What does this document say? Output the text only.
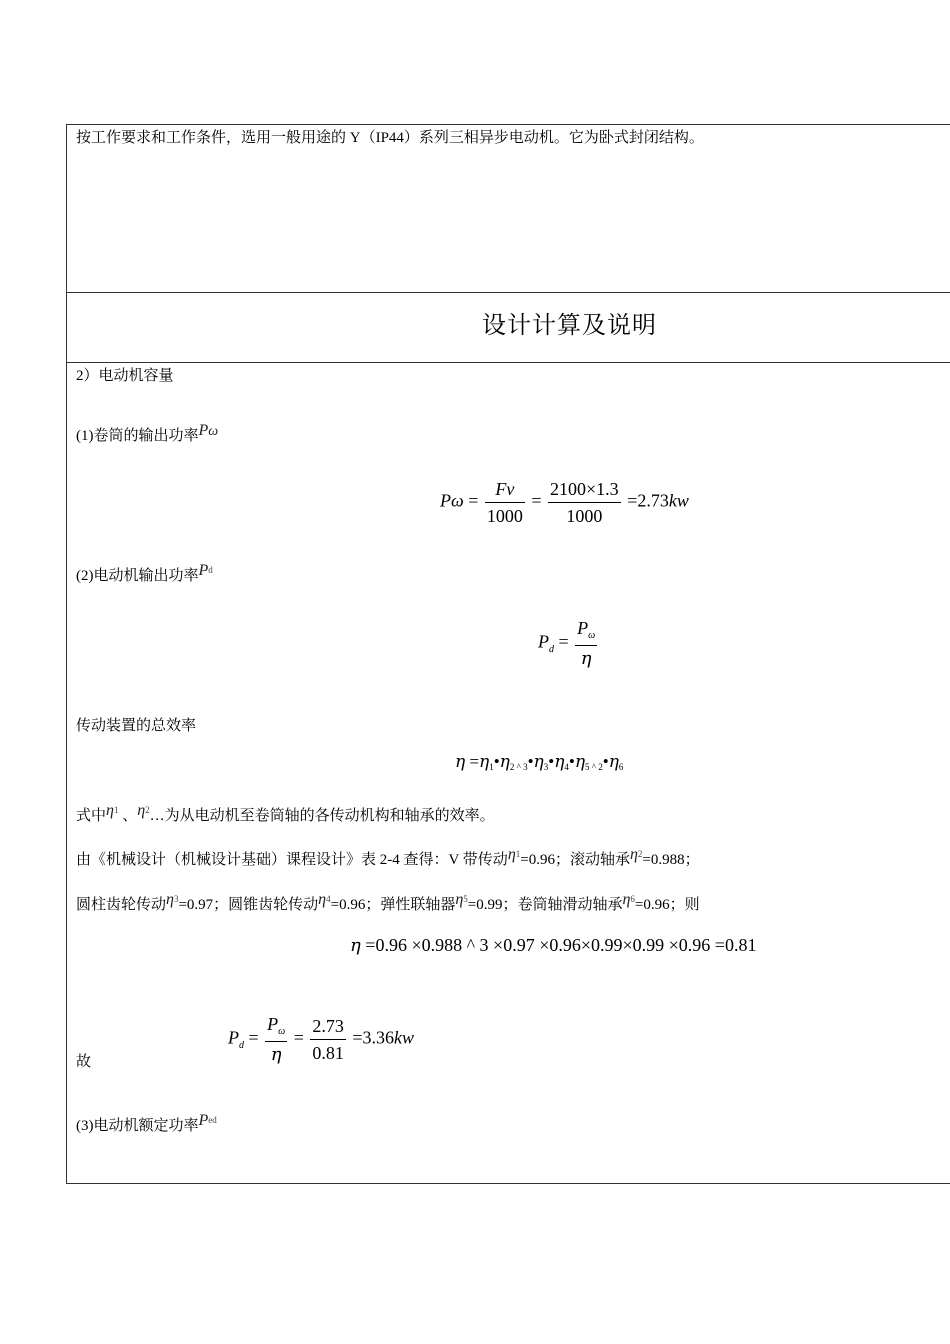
按工作要求和工作条件，选用一般用途的 Y（IP44）系列三相异步电动机。它为卧式封闭结构。
设计计算及说明
2）电动机容量
(1)卷筒的输出功率Pω
$P\omega = \frac{Fv}{1000} = \frac{2100\times 1.3}{1000} =2.73kw$
(2)电动机输出功率$P^d$
$P_d = \frac{P_\omega}{\eta}$
传动装置的总效率
η =η1•η2 ^ 3•η3•η4•η5 ^ 2•η6
式中$\eta^1$ 、$\eta^2\dots$为从电动机至卷筒轴的各传动机构和轴承的效率。
由《机械设计（机械设计基础）课程设计》表 2-4 查得：V 带传动$\eta^1=0.96$；滚动轴承$\eta^2=0.988$；
圆柱齿轮传动$\eta^3=0.97$；圆锥齿轮传动$\eta^4=0.96$；弹性联轴器$\eta^5=0.99$；卷筒轴滑动轴承$\eta^6=0.96$；则
η =0.96 ×0.988 ^ 3 ×0.97 ×0.96×0.99×0.99 ×0.96 =0.81
故
$P_d = \frac{P_\omega}{\eta} = \frac{2.73}{0.81} =3.36kw$
(3)电动机额定功率$P^{ed}$
